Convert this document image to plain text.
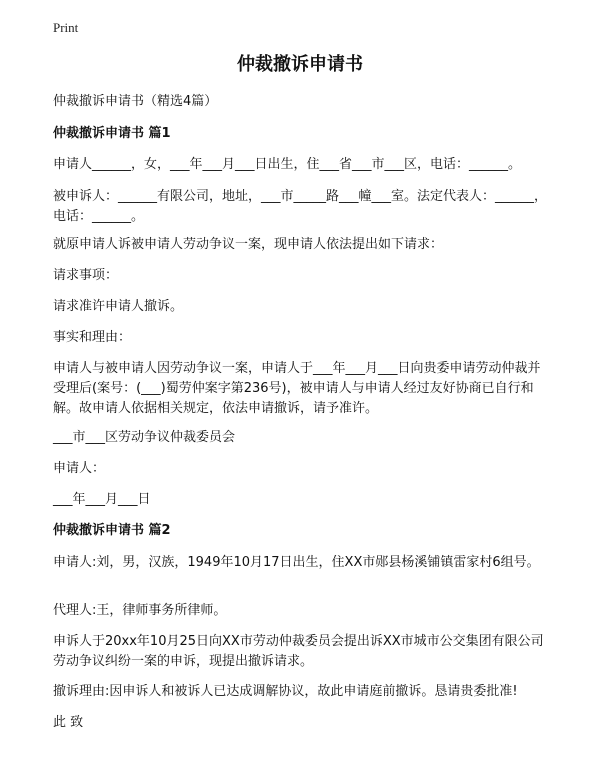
Print
仲裁撤诉申请书

仲裁撤诉申请书（精选4篇）

仲裁撤诉申请书 篇1

申请人______，女，___年___月___日出生，住___省___市___区，电话：______。

被申诉人：______有限公司，地址，___市_____路___幢___室。法定代表人：______，电话：______。

就原申请人诉被申请人劳动争议一案，现申请人依法提出如下请求：

请求事项：

请求准许申请人撤诉。

事实和理由：

申请人与被申请人因劳动争议一案，申请人于___年___月___日向贵委申请劳动仲裁并受理后(案号：(___)蜀劳仲案字第236号)，被申请人与申请人经过友好协商已自行和解。故申请人依据相关规定，依法申请撤诉，请予准许。

___市___区劳动争议仲裁委员会

申请人：

___年___月___日

仲裁撤诉申请书 篇2

申请人:刘，男，汉族，1949年10月17日出生，住XX市郧县杨溪铺镇雷家村6组号。

代理人:王，律师事务所律师。

申诉人于20xx年10月25日向XX市劳动仲裁委员会提出诉XX市城市公交集团有限公司劳动争议纠纷一案的申诉，现提出撤诉请求。

撤诉理由:因申诉人和被诉人已达成调解协议，故此申请庭前撤诉。恳请贵委批准!

此 致
